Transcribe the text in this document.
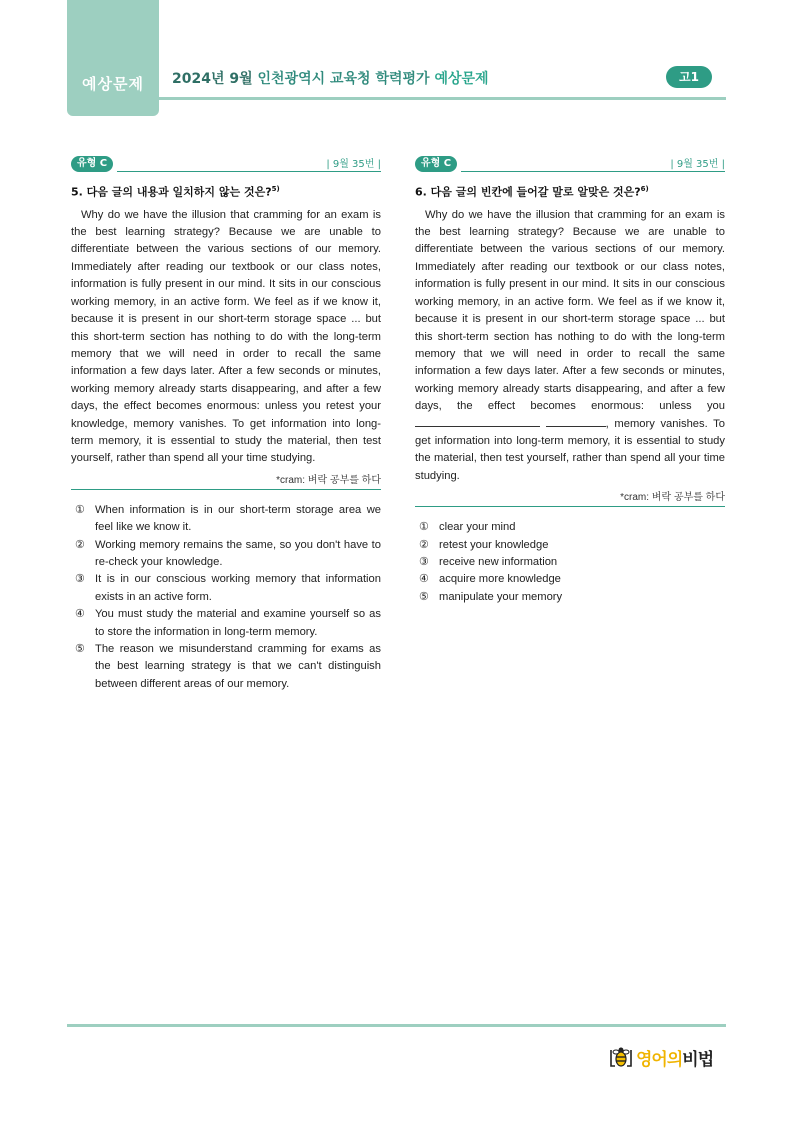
예상문제	2024년 9월 인천광역시 교육청 학력평가 예상문제	고1
유형 C	| 9월 35번 |
5. 다음 글의 내용과 일치하지 않는 것은?$^{5)}$

Why do we have the illusion that cramming for an exam is the best learning strategy? Because we are unable to differentiate between the various sections of our memory. Immediately after reading our textbook or our class notes, information is fully present in our mind. It sits in our conscious working memory, in an active form. We feel as if we know it, because it is present in our short-term storage space ... but this short-term section has nothing to do with the long-term memory that we will need in order to recall the same information a few days later. After a few seconds or minutes, working memory already starts disappearing, and after a few days, the effect becomes enormous: unless you retest your knowledge, memory vanishes. To get information into long-term memory, it is essential to study the material, then test yourself, rather than spend all your time studying.

*cram: 벼락 공부를 하다
① When information is in our short-term storage area we feel like we know it.
② Working memory remains the same, so you don't have to re-check your knowledge.
③ It is in our conscious working memory that information exists in an active form.
④ You must study the material and examine yourself so as to store the information in long-term memory.
⑤ The reason we misunderstand cramming for exams as the best learning strategy is that we can't distinguish between different areas of our memory.
유형 C	| 9월 35번 |
6. 다음 글의 빈칸에 들어갈 말로 알맞은 것은?$^{6)}$

Why do we have the illusion that cramming for an exam is the best learning strategy? Because we are unable to differentiate between the various sections of our memory. Immediately after reading our textbook or our class notes, information is fully present in our mind. It sits in our conscious working memory, in an active form. We feel as if we know it, because it is present in our short-term storage space ... but this short-term section has nothing to do with the long-term memory that we will need in order to recall the same information a few days later. After a few seconds or minutes, working memory already starts disappearing, and after a few days, the effect becomes enormous: unless you  , memory vanishes. To get information into long-term memory, it is essential to study the material, then test yourself, rather than spend all your time studying.

*cram: 벼락 공부를 하다
① clear your mind
② retest your knowledge
③ receive new information
④ acquire more knowledge
⑤ manipulate your memory
영어의비법
